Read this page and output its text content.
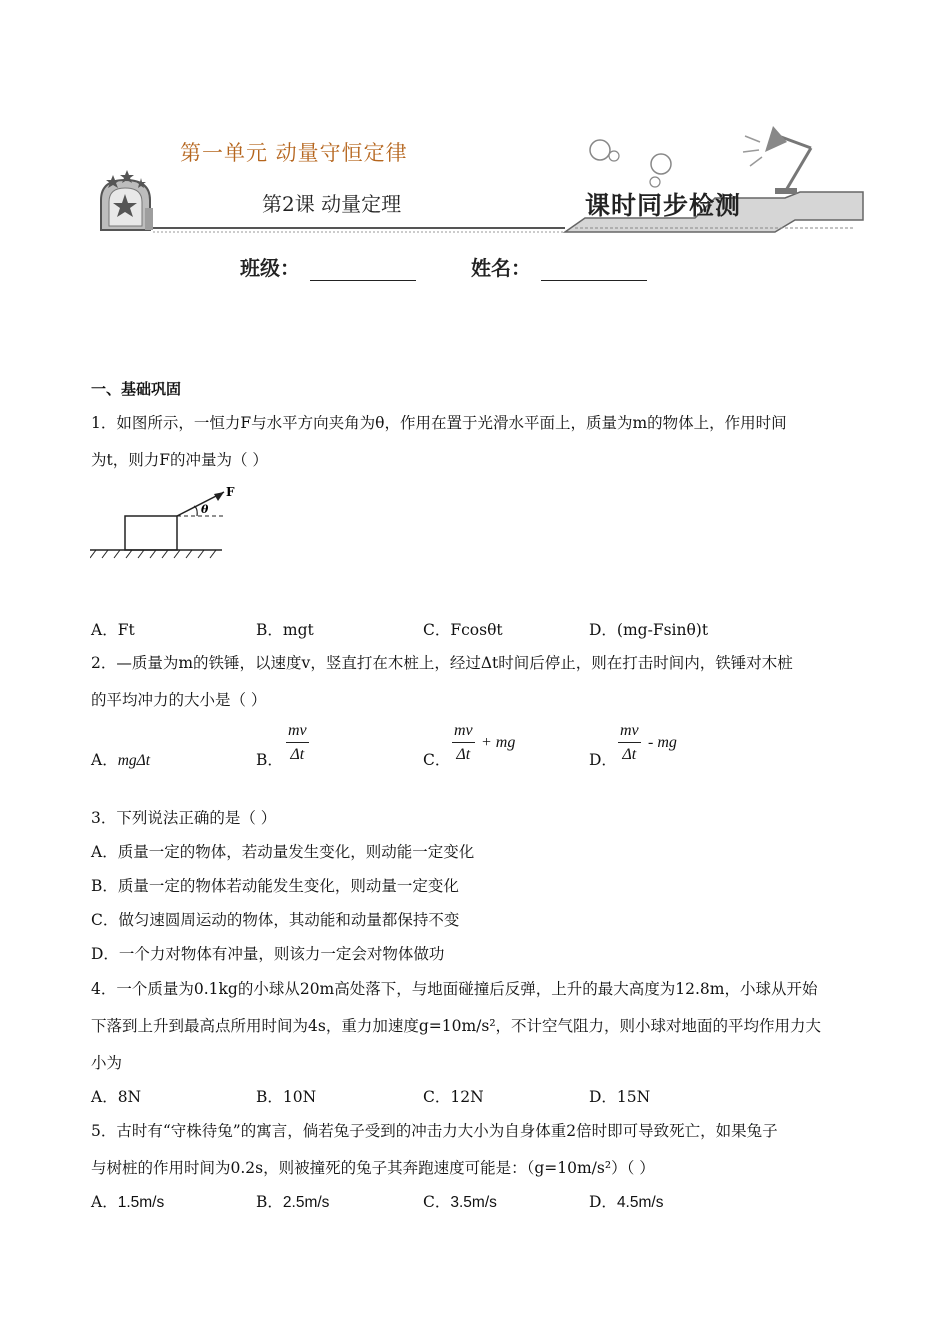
第一单元 动量守恒定律
第2课 动量定理	课时同步检测
班级：	姓名：
一、基础巩固
1．如图所示，一恒力F与水平方向夹角为θ，作用在置于光滑水平面上，质量为m的物体上，作用时间
为t，则力F的冲量为（ ）
θ
F
A．Ft	B．mgt	C．Fcosθt	D．(mg-Fsinθ)t
2．—质量为m的铁锤，以速度v，竖直打在木桩上，经过Δt时间后停止，则在打击时间内，铁锤对木桩
的平均冲力的大小是（ ）
A．mgΔt	B．
mv
Δt	C．
mv
Δt
+ mg
D．
mv
Δt
- mg
3．下列说法正确的是（ ）
A．质量一定的物体，若动量发生变化，则动能一定变化
B．质量一定的物体若动能发生变化，则动量一定变化
C．做匀速圆周运动的物体，其动能和动量都保持不变
D．一个力对物体有冲量，则该力一定会对物体做功
4．一个质量为0.1kg的小球从20m高处落下，与地面碰撞后反弹，上升的最大高度为12.8m，小球从开始
下落到上升到最高点所用时间为4s，重力加速度g=10m/s²，不计空气阻力，则小球对地面的平均作用力大
小为
A．8N	B．10N	C．12N	D．15N
5．古时有“守株待兔”的寓言，倘若兔子受到的冲击力大小为自身体重2倍时即可导致死亡，如果兔子
与树桩的作用时间为0.2s，则被撞死的兔子其奔跑速度可能是：（g=10m/s²）（ ）
A．1.5m/s	B．2.5m/s	C．3.5m/s	D．4.5m/s
